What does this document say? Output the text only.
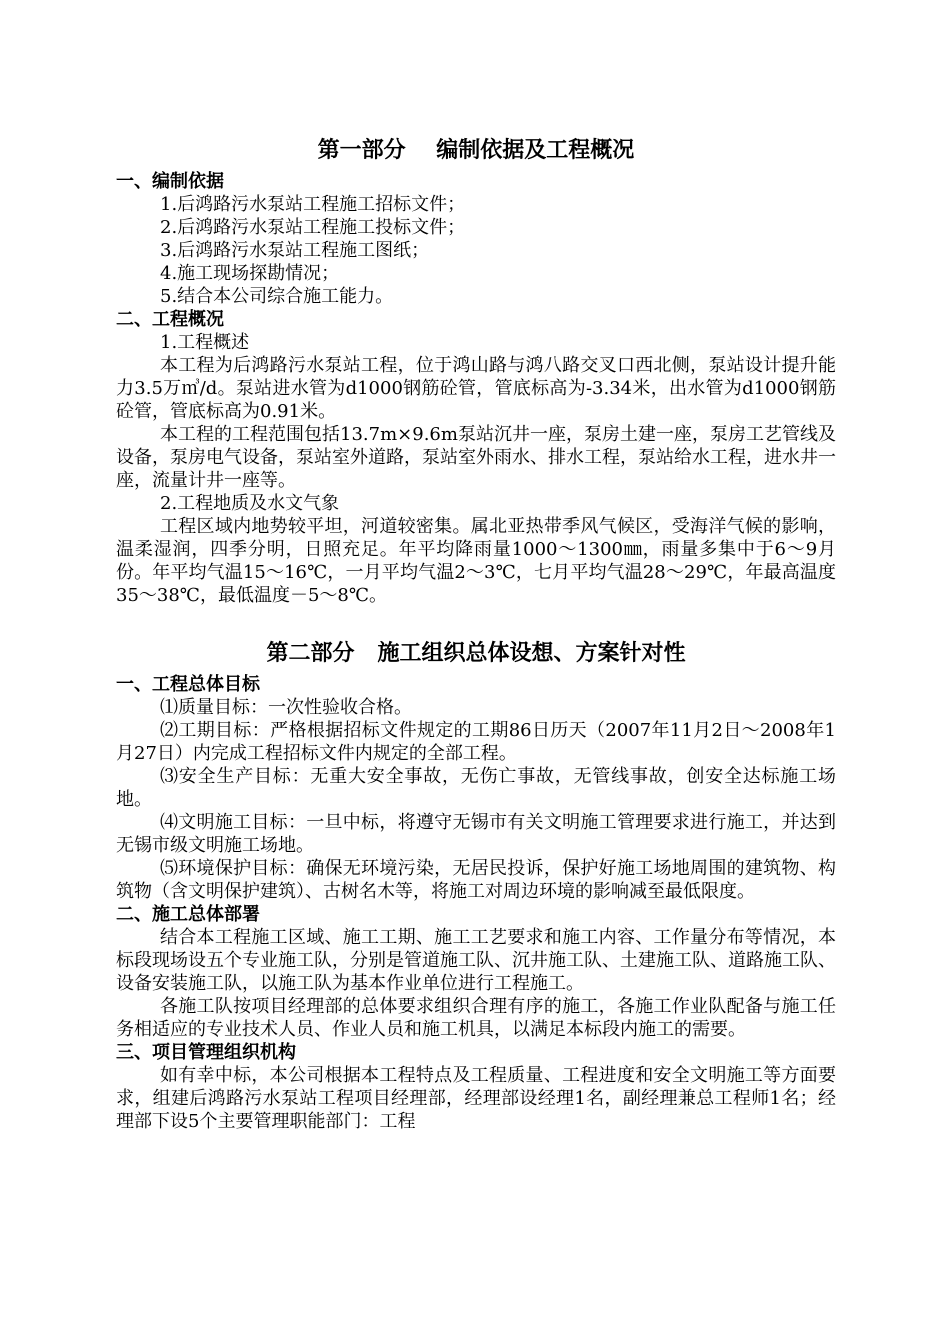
第一部分    编制依据及工程概况
一、编制依据

1.后鸿路污水泵站工程施工招标文件；

2.后鸿路污水泵站工程施工投标文件；

3.后鸿路污水泵站工程施工图纸；

4.施工现场探勘情况；

5.结合本公司综合施工能力。

二、工程概况

1.工程概述

本工程为后鸿路污水泵站工程，位于鸿山路与鸿八路交叉口西北侧，泵站设计提升能力3.5万㎥/d。泵站进水管为d1000钢筋砼管，管底标高为-3.34米，出水管为d1000钢筋砼管，管底标高为0.91米。

本工程的工程范围包括13.7m×9.6m泵站沉井一座，泵房土建一座，泵房工艺管线及设备，泵房电气设备，泵站室外道路，泵站室外雨水、排水工程，泵站给水工程，进水井一座，流量计井一座等。

2.工程地质及水文气象

工程区域内地势较平坦，河道较密集。属北亚热带季风气候区，受海洋气候的影响，温柔湿润，四季分明，日照充足。年平均降雨量1000～1300㎜，雨量多集中于6～9月份。年平均气温15～16℃，一月平均气温2～3℃，七月平均气温28～29℃，年最高温度35～38℃，最低温度－5～8℃。

第二部分   施工组织总体设想、方案针对性
一、工程总体目标

⑴质量目标：一次性验收合格。

⑵工期目标：严格根据招标文件规定的工期86日历天（2007年11月2日～2008年1月27日）内完成工程招标文件内规定的全部工程。

⑶安全生产目标：无重大安全事故，无伤亡事故，无管线事故，创安全达标施工场地。

⑷文明施工目标：一旦中标，将遵守无锡市有关文明施工管理要求进行施工，并达到无锡市级文明施工场地。

⑸环境保护目标：确保无环境污染，无居民投诉，保护好施工场地周围的建筑物、构筑物（含文明保护建筑）、古树名木等，将施工对周边环境的影响减至最低限度。

二、施工总体部署

结合本工程施工区域、施工工期、施工工艺要求和施工内容、工作量分布等情况，本标段现场设五个专业施工队，分别是管道施工队、沉井施工队、土建施工队、道路施工队、设备安装施工队，以施工队为基本作业单位进行工程施工。

各施工队按项目经理部的总体要求组织合理有序的施工，各施工作业队配备与施工任务相适应的专业技术人员、作业人员和施工机具，以满足本标段内施工的需要。

三、项目管理组织机构

如有幸中标，本公司根据本工程特点及工程质量、工程进度和安全文明施工等方面要求，组建后鸿路污水泵站工程项目经理部，经理部设经理1名，副经理兼总工程师1名；经理部下设5个主要管理职能部门：工程
